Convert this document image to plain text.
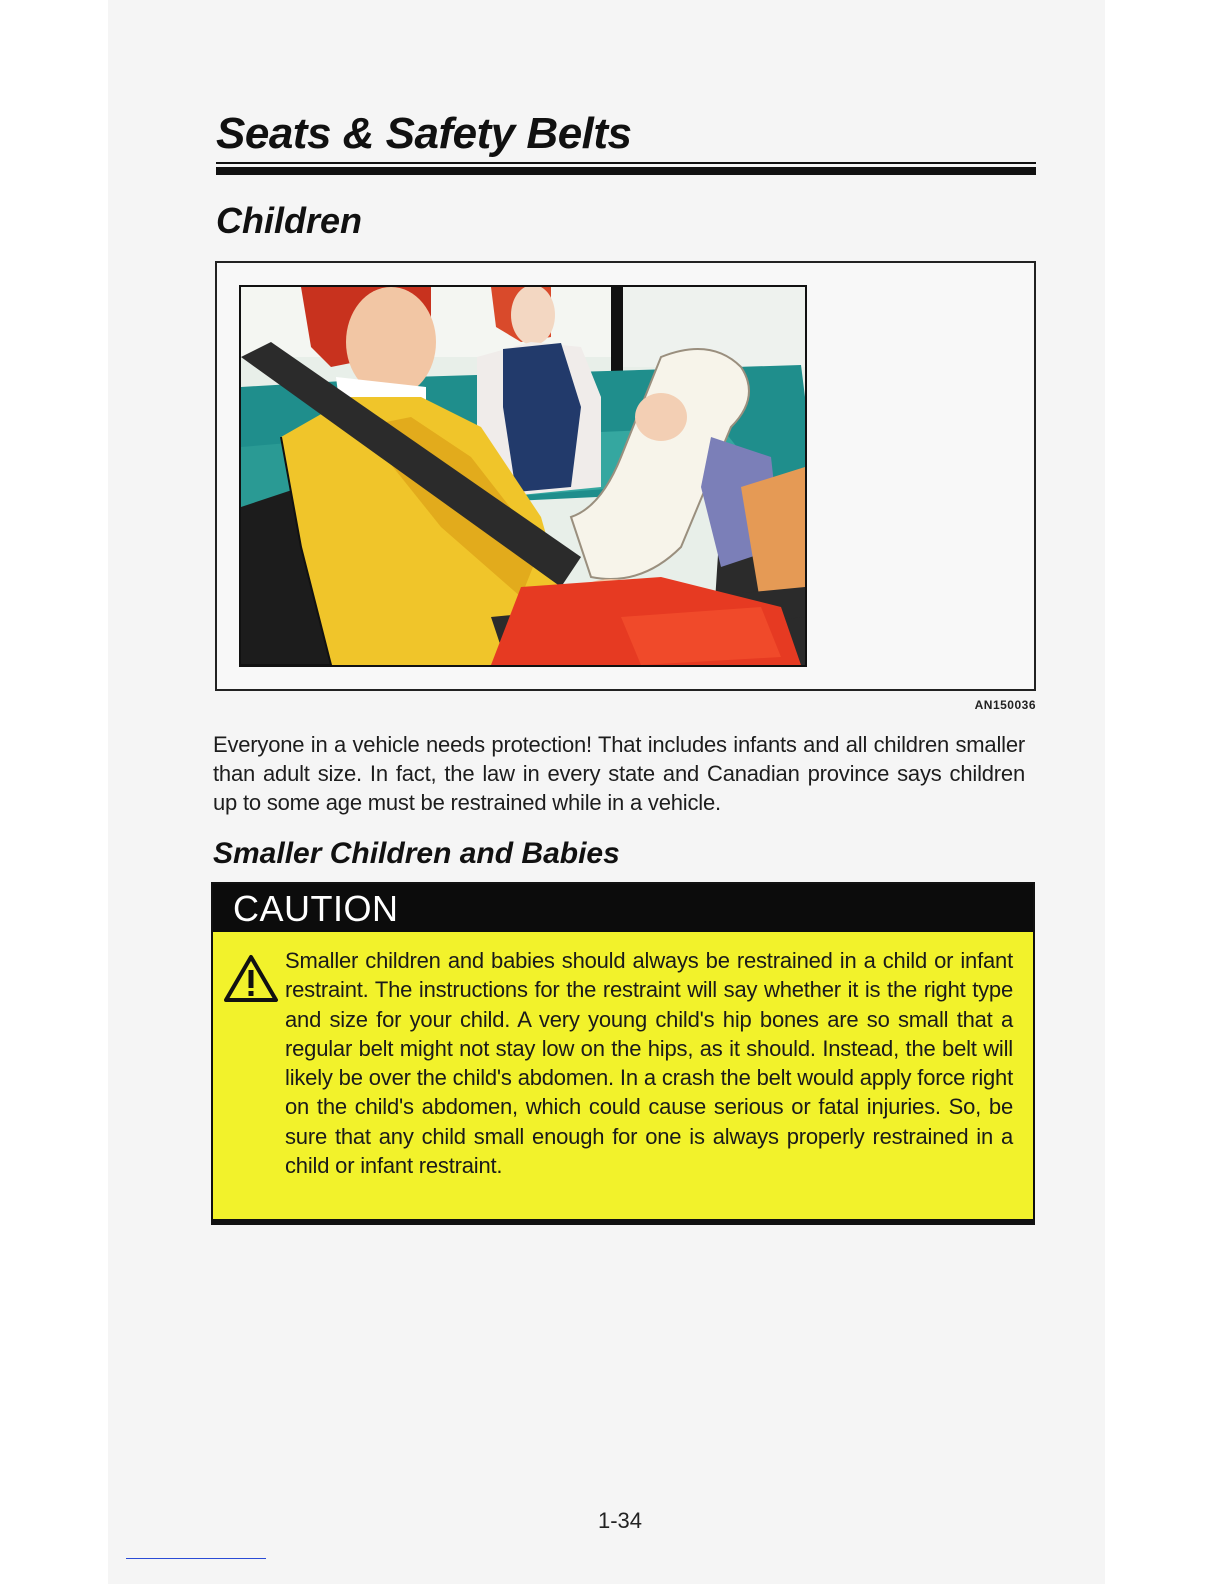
Seats & Safety Belts
Children
AN150036

Everyone in a vehicle needs protection! That includes infants and all children smaller than adult size. In fact, the law in every state and Canadian province says children up to some age must be restrained while in a vehicle.

Smaller Children and Babies
CAUTION

Smaller children and babies should always be restrained in a child or infant restraint. The instructions for the restraint will say whether it is the right type and size for your child. A very young child's hip bones are so small that a regular belt might not stay low on the hips, as it should. Instead, the belt will likely be over the child's abdomen. In a crash the belt would apply force right on the child's abdomen, which could cause serious or fatal injuries. So, be sure that any child small enough for one is always properly restrained in a child or infant restraint.

1-34
